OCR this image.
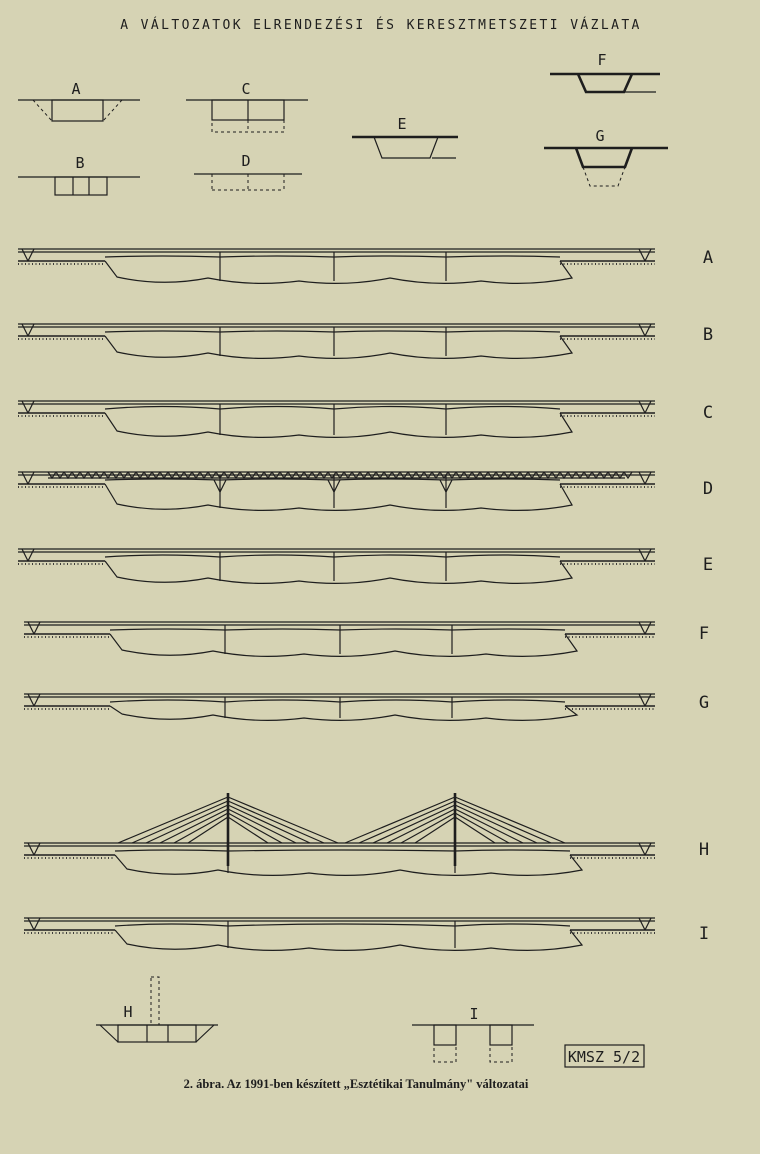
A VÁLTOZATOK ELRENDEZÉSI ÉS KERESZTMETSZETI VÁZLATA
A
B
C
D
E
F
G
A
B
C
D
E
F
G
H
I
H	I
KMSZ 5/2
2. ábra. Az 1991-ben készített „Esztétikai Tanulmány" változatai
